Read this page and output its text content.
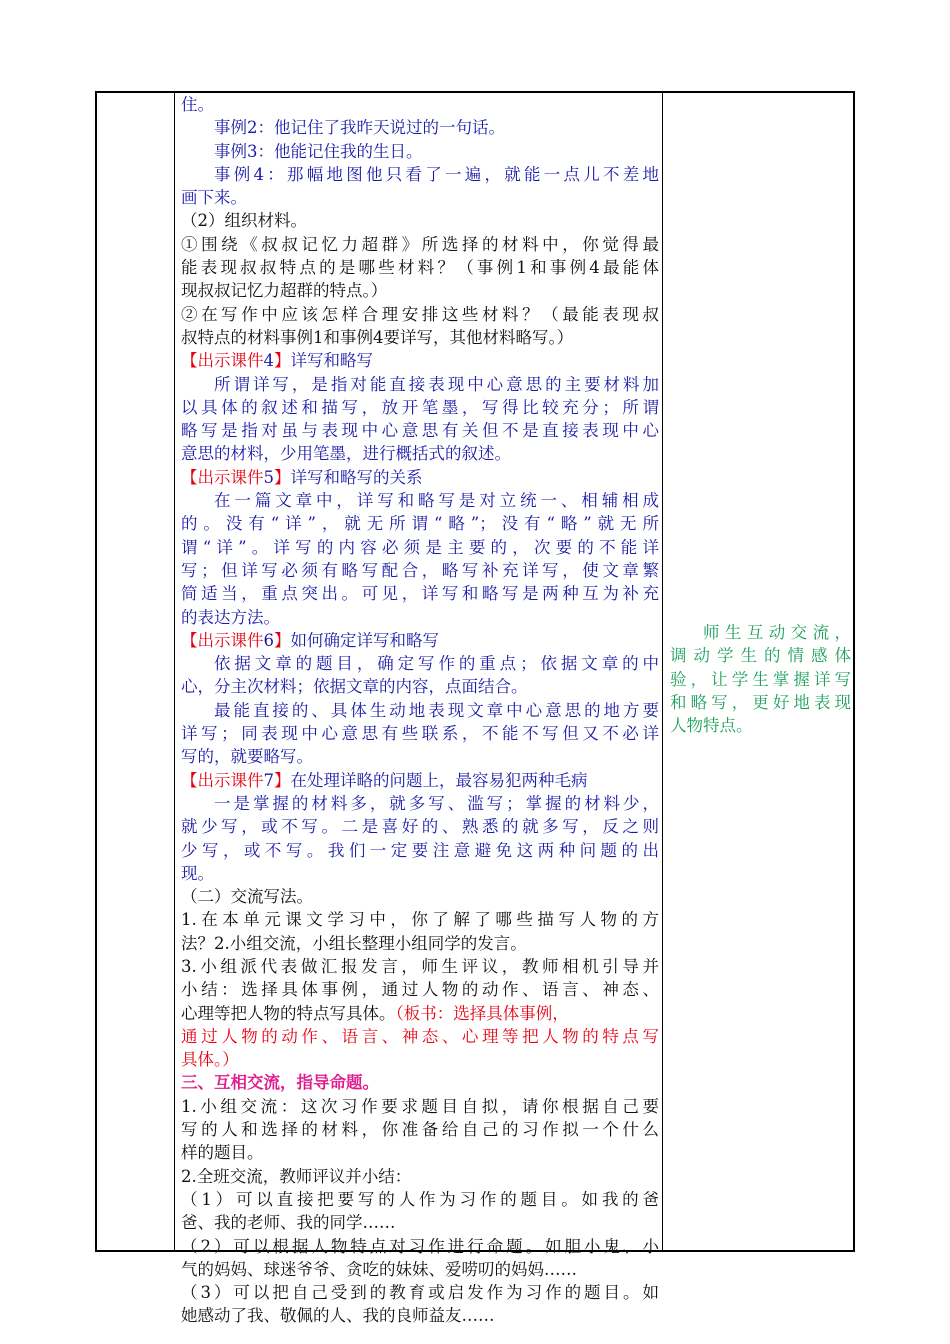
住。
事例2：他记住了我昨天说过的一句话。
事例3：他能记住我的生日。
事例4：那幅地图他只看了一遍，就能一点儿不差地
画下来。
（2）组织材料。
①围绕《叔叔记忆力超群》所选择的材料中，你觉得最
能表现叔叔特点的是哪些材料？（事例1和事例4最能体
现叔叔记忆力超群的特点。）
②在写作中应该怎样合理安排这些材料？（最能表现叔
叔特点的材料事例1和事例4要详写，其他材料略写。）
【出示课件4】详写和略写
所谓详写，是指对能直接表现中心意思的主要材料加
以具体的叙述和描写，放开笔墨，写得比较充分；所谓
略写是指对虽与表现中心意思有关但不是直接表现中心
意思的材料，少用笔墨，进行概括式的叙述。
【出示课件5】详写和略写的关系
在一篇文章中，详写和略写是对立统一、相辅相成
的。没有“详”，就无所谓“略”；没有“略”就无所
谓“详”。详写的内容必须是主要的，次要的不能详
写；但详写必须有略写配合，略写补充详写，使文章繁
简适当，重点突出。可见，详写和略写是两种互为补充
的表达方法。
【出示课件6】如何确定详写和略写
依据文章的题目，确定写作的重点；依据文章的中
心，分主次材料；依据文章的内容，点面结合。
最能直接的、具体生动地表现文章中心意思的地方要
详写；同表现中心意思有些联系，不能不写但又不必详
写的，就要略写。
【出示课件7】在处理详略的问题上，最容易犯两种毛病
一是掌握的材料多，就多写、滥写；掌握的材料少，
就少写，或不写。二是喜好的、熟悉的就多写，反之则
少写，或不写。我们一定要注意避免这两种问题的出
现。
（二）交流写法。
1.在本单元课文学习中，你了解了哪些描写人物的方
法？2.小组交流，小组长整理小组同学的发言。
3.小组派代表做汇报发言，师生评议，教师相机引导并
小结：选择具体事例，通过人物的动作、语言、神态、
心理等把人物的特点写具体。（板书：选择具体事例，
通过人物的动作、语言、神态、心理等把人物的特点写
具体。）
三、互相交流，指导命题。
1.小组交流：这次习作要求题目自拟，请你根据自己要
写的人和选择的材料，你准备给自己的习作拟一个什么
样的题目。
2.全班交流，教师评议并小结：
（1）可以直接把要写的人作为习作的题目。如我的爸
爸、我的老师、我的同学……
（2）可以根据人物特点对习作进行命题。如胆小鬼、小
气的妈妈、球迷爷爷、贪吃的妹妹、爱唠叨的妈妈……
（3）可以把自己受到的教育或启发作为习作的题目。如
她感动了我、敬佩的人、我的良师益友……
师生互动交流，
调动学生的情感体
验，让学生掌握详写
和略写，更好地表现
人物特点。
